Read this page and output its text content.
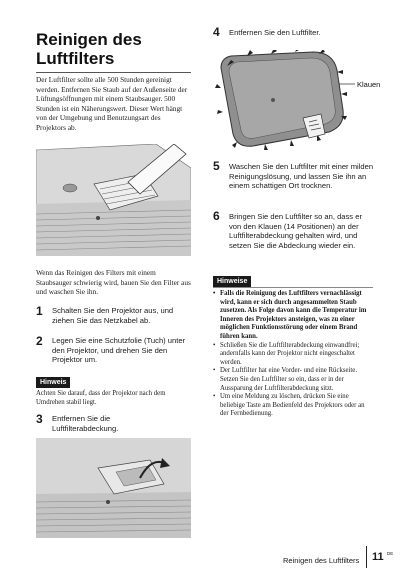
Reinigen des Luftfilters

Der Luftfilter sollte alle 500 Stunden gereinigt werden. Entfernen Sie Staub auf der Außenseite der Lüftungsöffnungen mit einem Staubsauger. 500 Stunden ist ein Näherungswert. Dieser Wert hängt von der Umgebung und Benutzungsart des Projektors ab.

Wenn das Reinigen des Filters mit einem Staubsauger schwierig wird, bauen Sie den Filter aus und waschen Sie ihn.

1 Schalten Sie den Projektor aus, und ziehen Sie das Netzkabel ab.
2 Legen Sie eine Schutzfolie (Tuch) unter den Projektor, und drehen Sie den Projektor um.
Hinweis

Achten Sie darauf, dass der Projektor nach dem Umdrehen stabil liegt.

3 Entfernen Sie die Luftfilterabdeckung.
4 Entfernen Sie den Luftfilter.
Klauen
5 Waschen Sie den Luftfilter mit einer milden Reinigungslösung, und lassen Sie ihn an einem schattigen Ort trocknen.
6 Bringen Sie den Luftfilter so an, dass er von den Klauen (14 Positionen) an der Luftfilterabdeckung gehalten wird, und setzen Sie die Abdeckung wieder ein.
Hinweise
• Falls die Reinigung des Luftfilters vernachlässigt wird, kann er sich durch angesammelten Staub zusetzen. Als Folge davon kann die Temperatur im Inneren des Projektors ansteigen, was zu einer möglichen Funktionsstörung oder einem Brand führen kann.
• Schließen Sie die Luftfilterabdeckung einwandfrei; andernfalls kann der Projektor nicht eingeschaltet werden.
• Der Luftfilter hat eine Vorder- und eine Rückseite. Setzen Sie den Luftfilter so ein, dass er in der Aussparung der Luftfilterabdeckung sitzt.
• Um eine Meldung zu löschen, drücken Sie eine beliebige Taste am Bedienfeld des Projektors oder an der Fernbedienung.
Reinigen des Luftfilters 11 DE
